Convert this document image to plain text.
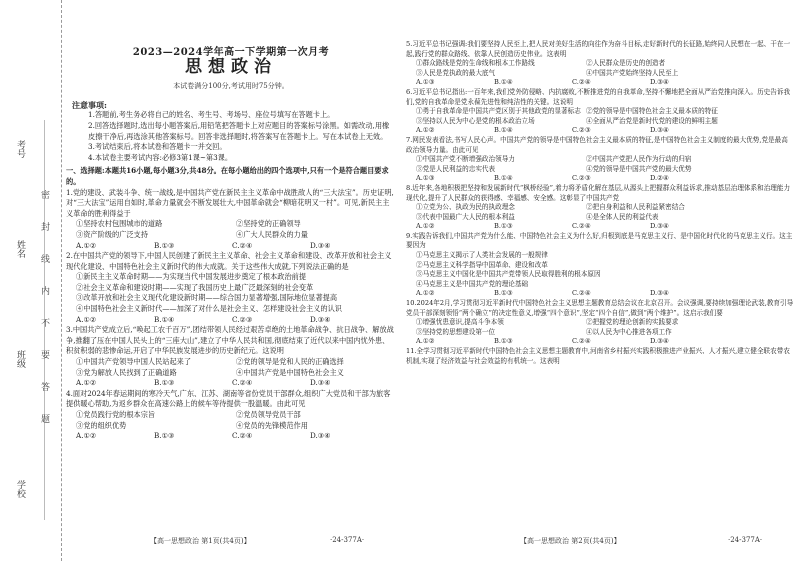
考号
姓名
班级
学校
密
封
线
内
不
要
答
题
2023—2024学年高一下学期第一次月考
思想政治
本试卷满分100分,考试用时75分钟。
注意事项:
1.答题前,考生务必将自己的姓名、考生号、考场号、座位号填写在答题卡上。
2.回答选择题时,选出每小题答案后,用铅笔把答题卡上对应题目的答案标号涂黑。如需改动,用橡皮擦干净后,再选涂其他答案标号。回答非选择题时,将答案写在答题卡上。写在本试卷上无效。
3.考试结束后,将本试卷和答题卡一并交回。
4.本试卷主要考试内容:必修3第1课~第3课。
一、选择题:本题共16小题,每小题3分,共48分。在每小题给出的四个选项中,只有一个是符合题目要求的。
1.党的建设、武装斗争、统一战线,是中国共产党在新民主主义革命中战胜敌人的“三大法宝”。历史证明,对“三大法宝”运用自如时,革命力量就会不断发展壮大,中国革命就会“柳暗花明又一村”。可见,新民主主义革命的胜利得益于
①坚持农村包围城市的道路	②坚持党的正确领导
③资产阶级的广泛支持	④广大人民群众的力量
A.①②	B.①③	C.②④	D.③④
2.在中国共产党的领导下,中国人民创建了新民主主义革命、社会主义革命和建设、改革开放和社会主义现代化建设、中国特色社会主义新时代的伟大成就。关于这些伟大成就,下列说法正确的是
①新民主主义革命时期——为实现当代中国发展进步奠定了根本政治前提
②社会主义革命和建设时期——实现了我国历史上最广泛最深刻的社会变革
③改革开放和社会主义现代化建设新时期——综合国力显著增强,国际地位显著提高
④中国特色社会主义新时代——加深了对什么是社会主义、怎样建设社会主义的认识
A.①②	B.①④	C.②③	D.③④
3.中国共产党成立后,“唤起工农千百万”,团结带领人民经过艰苦卓绝的土地革命战争、抗日战争、解放战争,推翻了压在中国人民头上的“三座大山”,建立了中华人民共和国,彻底结束了近代以来中国内忧外患、积贫积弱的悲惨命运,开启了中华民族发展进步的历史新纪元。这说明
①中国共产党领导中国人民站起来了	②党的领导是党和人民的正确选择
③党为解放人民找到了正确道路	④中国共产党是中国特色社会主义
A.①②	B.①③	C.②④	D.③④
4.面对2024年春运期间的寒冷天气,广东、江苏、湖南等省份党员干部群众,组织广大党员和干部为旅客提供暖心帮助,为返乡群众在高速公路上的候车等待提供一股温暖。由此可见
①党员践行党的根本宗旨	②党员领导党员干部
③党的组织优势	④党员的先锋模范作用
A.①②	B.①③	C.②④	D.③④
5.习近平总书记强调:我们要坚持人民至上,把人民对美好生活的向往作为奋斗目标,走好新时代的长征路,始终同人民想在一起、干在一起,践行党的群众路线、依靠人民创造历史伟业。这表明
①群众路线是党的生命线和根本工作路线	②人民群众是历史的创造者
③人民是党执政的最大底气	④中国共产党始终坚持人民至上
A.①③	B.①④	C.②④	D.③④
6.习近平总书记指出:一百年来,我们党外防侵略、内抗腐败,不断推进党的自我革命,坚持不懈地把全面从严治党推向深入。历史告诉我们,党的自我革命是党永葆先进性和纯洁性的关键。这说明
①勇于自我革命是中国共产党区别于其他政党的显著标志 ②党的领导是中国特色社会主义最本质的特征
③坚持以人民为中心是党的根本政治立场	④全面从严治党是新时代党的建设的鲜明主题
A.①②	B.①④	C.②③	D.③④
7.网民发表看法,书写人民心声。中国共产党的领导是中国特色社会主义最本质的特征,是中国特色社会主义制度的最大优势,党是最高政治领导力量。由此可见
①中国共产党不断增强政治领导力	②中国共产党把人民作为行动的归宿
③党是人民利益的忠实代表	④党的领导是中国共产党的最大优势
A.①③	B.①④	C.②③	D.②④
8.近年来,各地积极把坚持和发展新时代“枫桥经验”,着力将矛盾化解在基层,从源头上把握群众利益诉求,推动基层治理体系和治理能力现代化,提升了人民群众的获得感、幸福感、安全感。这彰显了中国共产党
①立党为公、执政为民的执政理念	②把自身利益和人民利益紧密结合
③代表中国最广大人民的根本利益	④是全体人民的利益代表
A.①②	B.①③	C.②④	D.③④
9.实践告诉我们,中国共产党为什么能、中国特色社会主义为什么好,归根到底是马克思主义行、是中国化时代化的马克思主义行。这主要因为
①马克思主义揭示了人类社会发展的一般规律
②马克思主义科学指导中国革命、建设和改革
③马克思主义中国化是中国共产党带领人民取得胜利的根本原因
④马克思主义是中国共产党的理论基础
A.①②	B.①③	C.②④	D.③④
10.2024年2月,学习贯彻习近平新时代中国特色社会主义思想主题教育总结会议在北京召开。会议强调,要持续加强理论武装,教育引导党员干部深刻领悟“两个确立”的决定性意义,增强“四个意识”,坚定“四个自信”,做到“两个维护”。这启示我们要
①增强忧患意识,提高斗争本领	②把握党的理论创新的实践要求
③坚持党的思想建设第一位	④以人民为中心推进各项工作
A.①②	B.①③	C.②④	D.③④
11.全学习贯彻习近平新时代中国特色社会主义思想主题教育中,河南省乡村振兴实践积极推进产业振兴、人才振兴,建立健全联农带农机制,实现了经济效益与社会效益的有机统一。这表明
【高一思想政治 第1页(共4页)】	·24-377A·	【高一思想政治 第2页(共4页)】	·24-377A·
